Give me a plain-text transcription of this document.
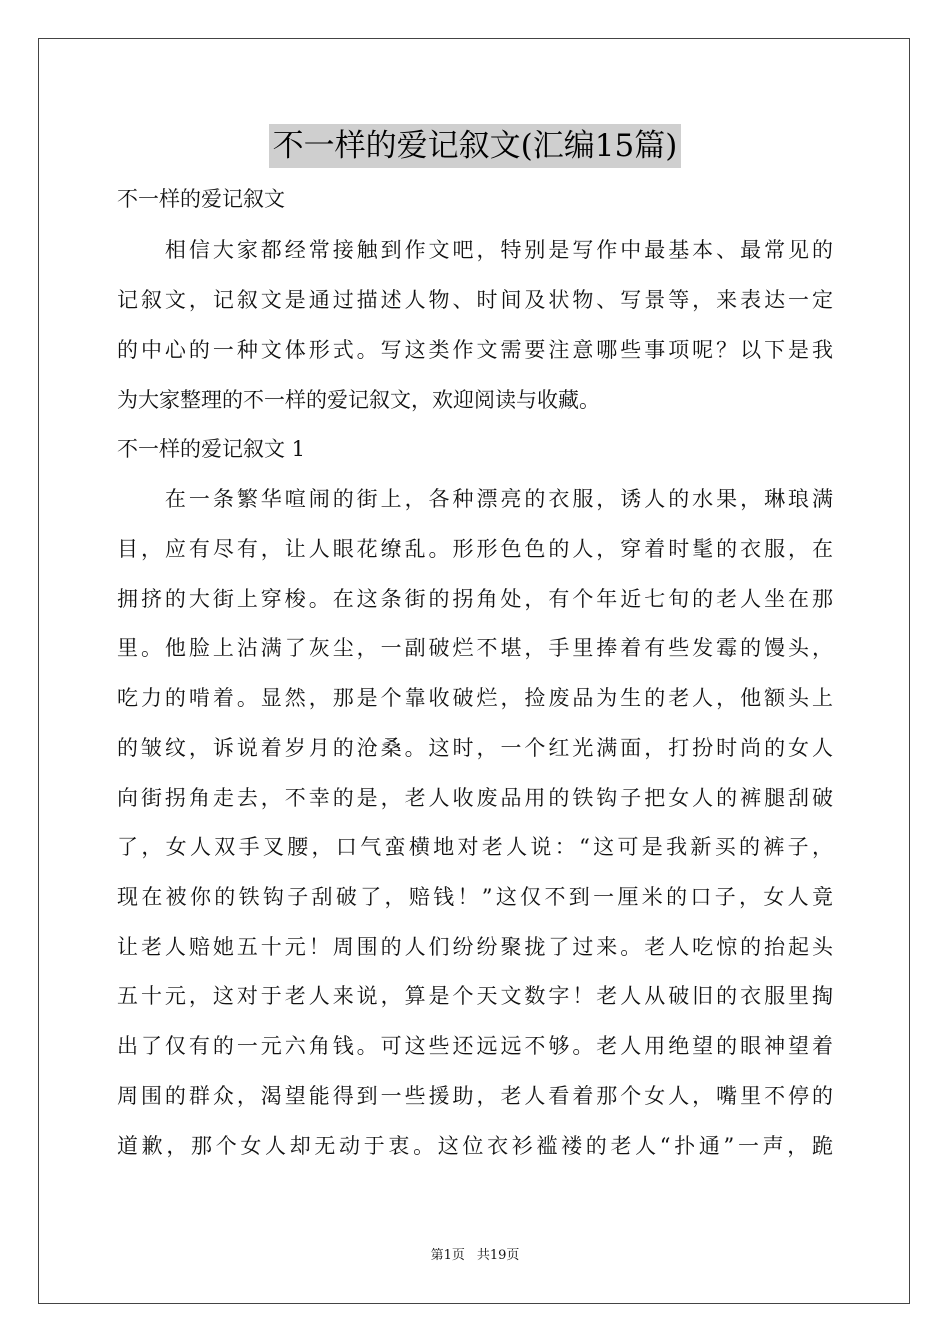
不一样的爱记叙文(汇编15篇)
不一样的爱记叙文
　　相信大家都经常接触到作文吧，特别是写作中最基本、最常见的
记叙文，记叙文是通过描述人物、时间及状物、写景等，来表达一定
的中心的一种文体形式。写这类作文需要注意哪些事项呢？以下是我
为大家整理的不一样的爱记叙文，欢迎阅读与收藏。
不一样的爱记叙文 1
　　在一条繁华喧闹的街上，各种漂亮的衣服，诱人的水果，琳琅满
目，应有尽有，让人眼花缭乱。形形色色的人，穿着时髦的衣服，在
拥挤的大街上穿梭。在这条街的拐角处，有个年近七旬的老人坐在那
里。他脸上沾满了灰尘，一副破烂不堪，手里捧着有些发霉的馒头，
吃力的啃着。显然，那是个靠收破烂，捡废品为生的老人，他额头上
的皱纹，诉说着岁月的沧桑。这时，一个红光满面，打扮时尚的女人
向街拐角走去，不幸的是，老人收废品用的铁钩子把女人的裤腿刮破
了，女人双手叉腰，口气蛮横地对老人说：“这可是我新买的裤子，
现在被你的铁钩子刮破了，赔钱！”这仅不到一厘米的口子，女人竟
让老人赔她五十元！周围的人们纷纷聚拢了过来。老人吃惊的抬起头
五十元，这对于老人来说，算是个天文数字！老人从破旧的衣服里掏
出了仅有的一元六角钱。可这些还远远不够。老人用绝望的眼神望着
周围的群众，渴望能得到一些援助，老人看着那个女人，嘴里不停的
道歉，那个女人却无动于衷。这位衣衫褴褛的老人“扑通”一声，跪
第1页 共19页
